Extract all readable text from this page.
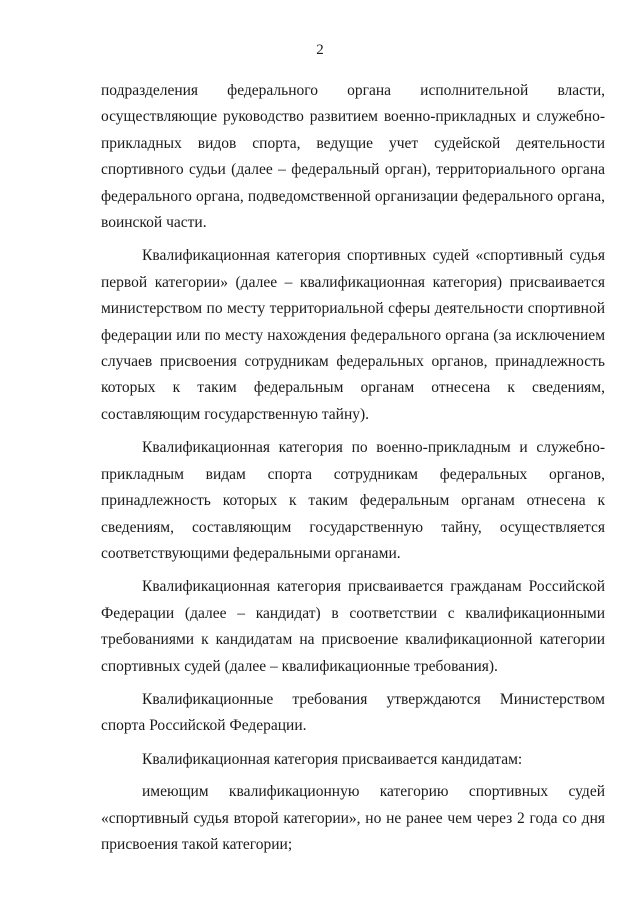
2

подразделения федерального органа исполнительной власти, осуществляющие руководство развитием военно-прикладных и служебно-прикладных видов спорта, ведущие учет судейской деятельности спортивного судьи (далее – федеральный орган), территориального органа федерального органа, подведомственной организации федерального органа, воинской части.

Квалификационная категория спортивных судей «спортивный судья первой категории» (далее – квалификационная категория) присваивается министерством по месту территориальной сферы деятельности спортивной федерации или по месту нахождения федерального органа (за исключением случаев присвоения сотрудникам федеральных органов, принадлежность которых к таким федеральным органам отнесена к сведениям, составляющим государственную тайну).

Квалификационная категория по военно-прикладным и служебно-прикладным видам спорта сотрудникам федеральных органов, принадлежность которых к таким федеральным органам отнесена к сведениям, составляющим государственную тайну, осуществляется соответствующими федеральными органами.

Квалификационная категория присваивается гражданам Российской Федерации (далее – кандидат) в соответствии с квалификационными требованиями к кандидатам на присвоение квалификационной категории спортивных судей (далее – квалификационные требования).

Квалификационные требования утверждаются Министерством спорта Российской Федерации.

Квалификационная категория присваивается кандидатам:

имеющим квалификационную категорию спортивных судей «спортивный судья второй категории», но не ранее чем через 2 года со дня присвоения такой категории;
